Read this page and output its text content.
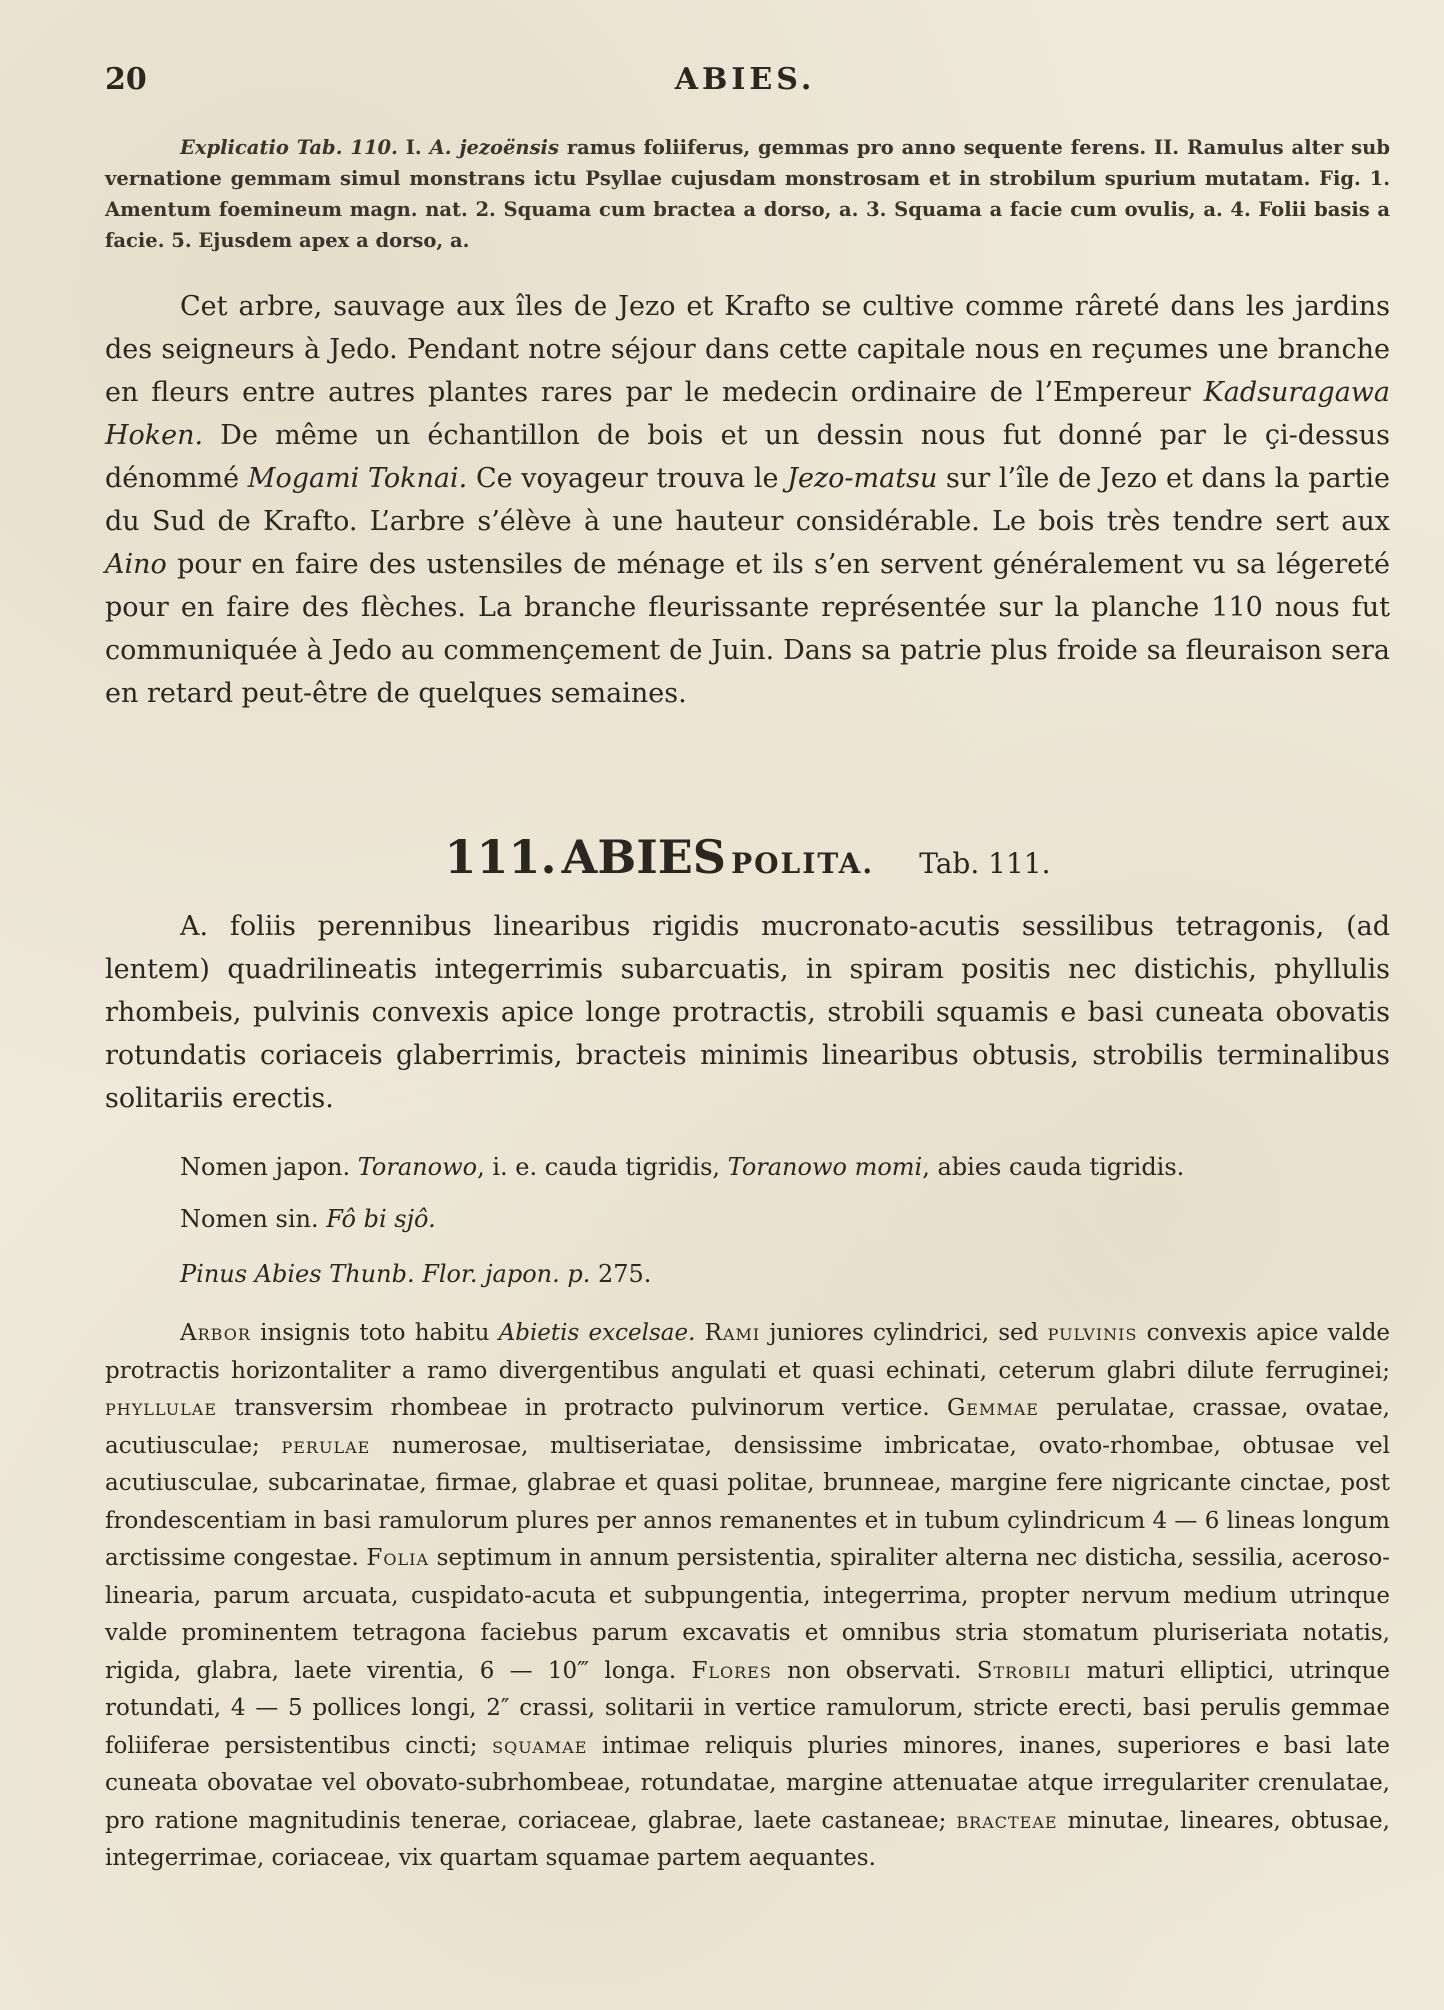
20	ABIES.

Explicatio Tab. 110. I. A. jezoënsis ramus foliiferus, gemmas pro anno sequente ferens. II. Ramulus alter sub vernatione gemmam simul monstrans ictu Psyllae cujusdam monstrosam et in strobilum spurium mutatam. Fig. 1. Amentum foemineum magn. nat. 2. Squama cum bractea a dorso, a. 3. Squama a facie cum ovulis, a. 4. Folii basis a facie. 5. Ejusdem apex a dorso, a.

Cet arbre, sauvage aux îles de Jezo et Krafto se cultive comme râreté dans les jardins des seigneurs à Jedo. Pendant notre séjour dans cette capitale nous en reçumes une branche en fleurs entre autres plantes rares par le medecin ordinaire de l’Empereur Kadsuragawa Hoken. De même un échantillon de bois et un dessin nous fut donné par le çi-dessus dénommé Mogami Toknai. Ce voyageur trouva le Jezo-matsu sur l’île de Jezo et dans la partie du Sud de Krafto. L’arbre s’élève à une hauteur considérable. Le bois très tendre sert aux Aino pour en faire des ustensiles de ménage et ils s’en servent généralement vu sa légereté pour en faire des flèches. La branche fleurissante représentée sur la planche 110 nous fut communiquée à Jedo au commençement de Juin. Dans sa patrie plus froide sa fleuraison sera en retard peut-être de quelques semaines.

111. ABIES POLITA. Tab. 111.

A. foliis perennibus linearibus rigidis mucronato-acutis sessilibus tetragonis, (ad lentem) quadrilineatis integerrimis subarcuatis, in spiram positis nec distichis, phyllulis rhombeis, pulvinis convexis apice longe protractis, strobili squamis e basi cuneata obovatis rotundatis coriaceis glaberrimis, bracteis minimis linearibus obtusis, strobilis terminalibus solitariis erectis.

Nomen japon. Toranowo, i. e. cauda tigridis, Toranowo momi, abies cauda tigridis.

Nomen sin. Fô bi sjô.

Pinus Abies Thunb. Flor. japon. p. 275.

Arbor insignis toto habitu Abietis excelsae. Rami juniores cylindrici, sed pulvinis convexis apice valde protractis horizontaliter a ramo divergentibus angulati et quasi echinati, ceterum glabri dilute ferruginei; phyllulae transversim rhombeae in protracto pulvinorum vertice. Gemmae perulatae, crassae, ovatae, acutiusculae; perulae numerosae, multiseriatae, densissime imbricatae, ovato-rhombae, obtusae vel acutiusculae, subcarinatae, firmae, glabrae et quasi politae, brunneae, margine fere nigricante cinctae, post frondescentiam in basi ramulorum plures per annos remanentes et in tubum cylindricum 4 — 6 lineas longum arctissime congestae. Folia septimum in annum persistentia, spiraliter alterna nec disticha, sessilia, aceroso-linearia, parum arcuata, cuspidato-acuta et subpungentia, integerrima, propter nervum medium utrinque valde prominentem tetragona faciebus parum excavatis et omnibus stria stomatum pluriseriata notatis, rigida, glabra, laete virentia, 6 — 10‴ longa. Flores non observati. Strobili maturi elliptici, utrinque rotundati, 4 — 5 pollices longi, 2″ crassi, solitarii in vertice ramulorum, stricte erecti, basi perulis gemmae foliiferae persistentibus cincti; squamae intimae reliquis pluries minores, inanes, superiores e basi late cuneata obovatae vel obovato-subrhombeae, rotundatae, margine attenuatae atque irregulariter crenulatae, pro ratione magnitudinis tenerae, coriaceae, glabrae, laete castaneae; bracteae minutae, lineares, obtusae, integerrimae, coriaceae, vix quartam squamae partem aequantes.
